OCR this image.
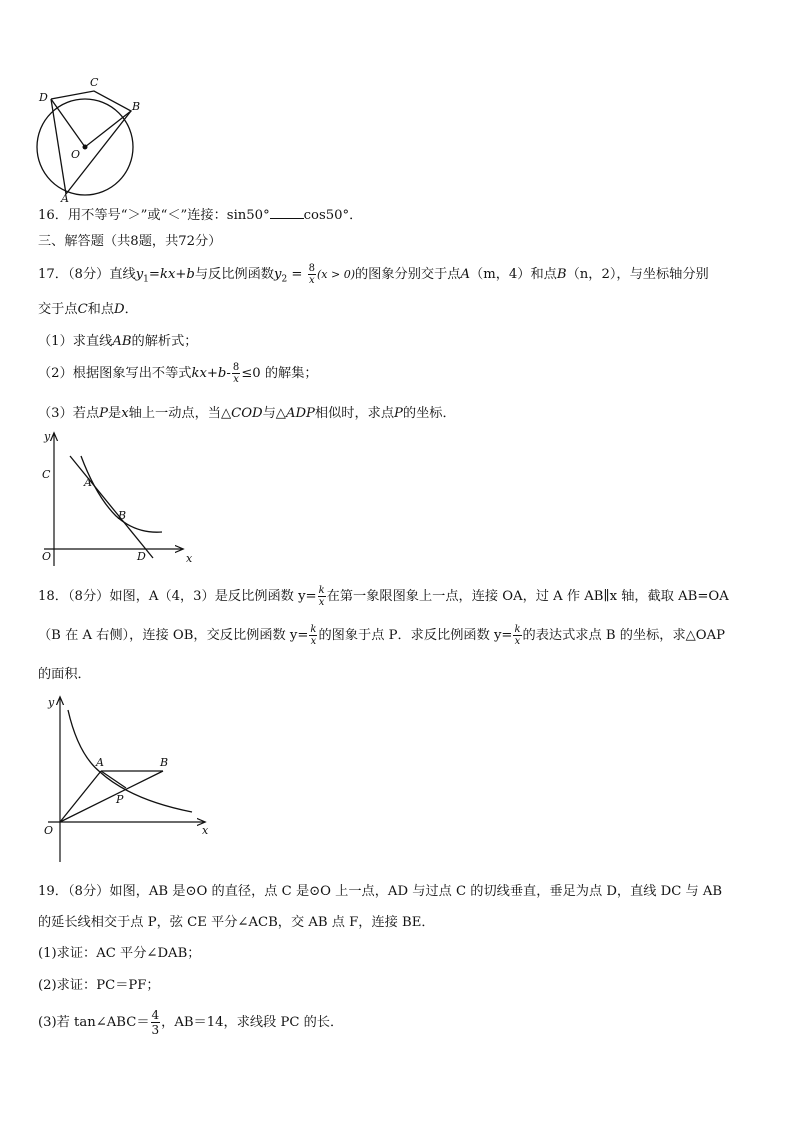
D
C
B
O
A
16．用不等号“＞”或“＜”连接：sin50°	cos50°．
三、解答题（共8题，共72分）
17．（8分）直线$y_1=kx+b$与反比例函数$y_2 = \frac{8}{x} (x > 0)$的图象分别交于点A（m，4）和点B（n，2），与坐标轴分别
交于点C和点D．
（1）求直线AB的解析式；
（2）根据图象写出不等式$kx+b- \frac{8}{x} \le 0$ 的解集；
（3）若点P是x轴上一动点，当△COD与△ADP相似时，求点P的坐标．
y
C
A
B
O	D	x
18．（8分）如图，A（4，3）是反比例函数 $y= \frac{k}{x}$ 在第一象限图象上一点，连接 OA，过 A 作 AB∥x 轴，截取 AB=OA
（B 在 A 右侧），连接 OB，交反比例函数 $y= \frac{k}{x}$ 的图象于点 P．求反比例函数 $y= \frac{k}{x}$ 的表达式求点 B 的坐标，求△OAP
的面积．
y
A	B
P
O	x
19．（8分）如图，AB 是⊙O 的直径，点 C 是⊙O 上一点，AD 与过点 C 的切线垂直，垂足为点 D，直线 DC 与 AB
的延长线相交于点 P，弦 CE 平分∠ACB，交 AB 点 F，连接 BE．
(1)求证：AC 平分∠DAB；
(2)求证：PC＝PF；
(3)若 tan∠ABC＝ $\frac{4}{3}$ ，AB＝14，求线段 PC 的长．
